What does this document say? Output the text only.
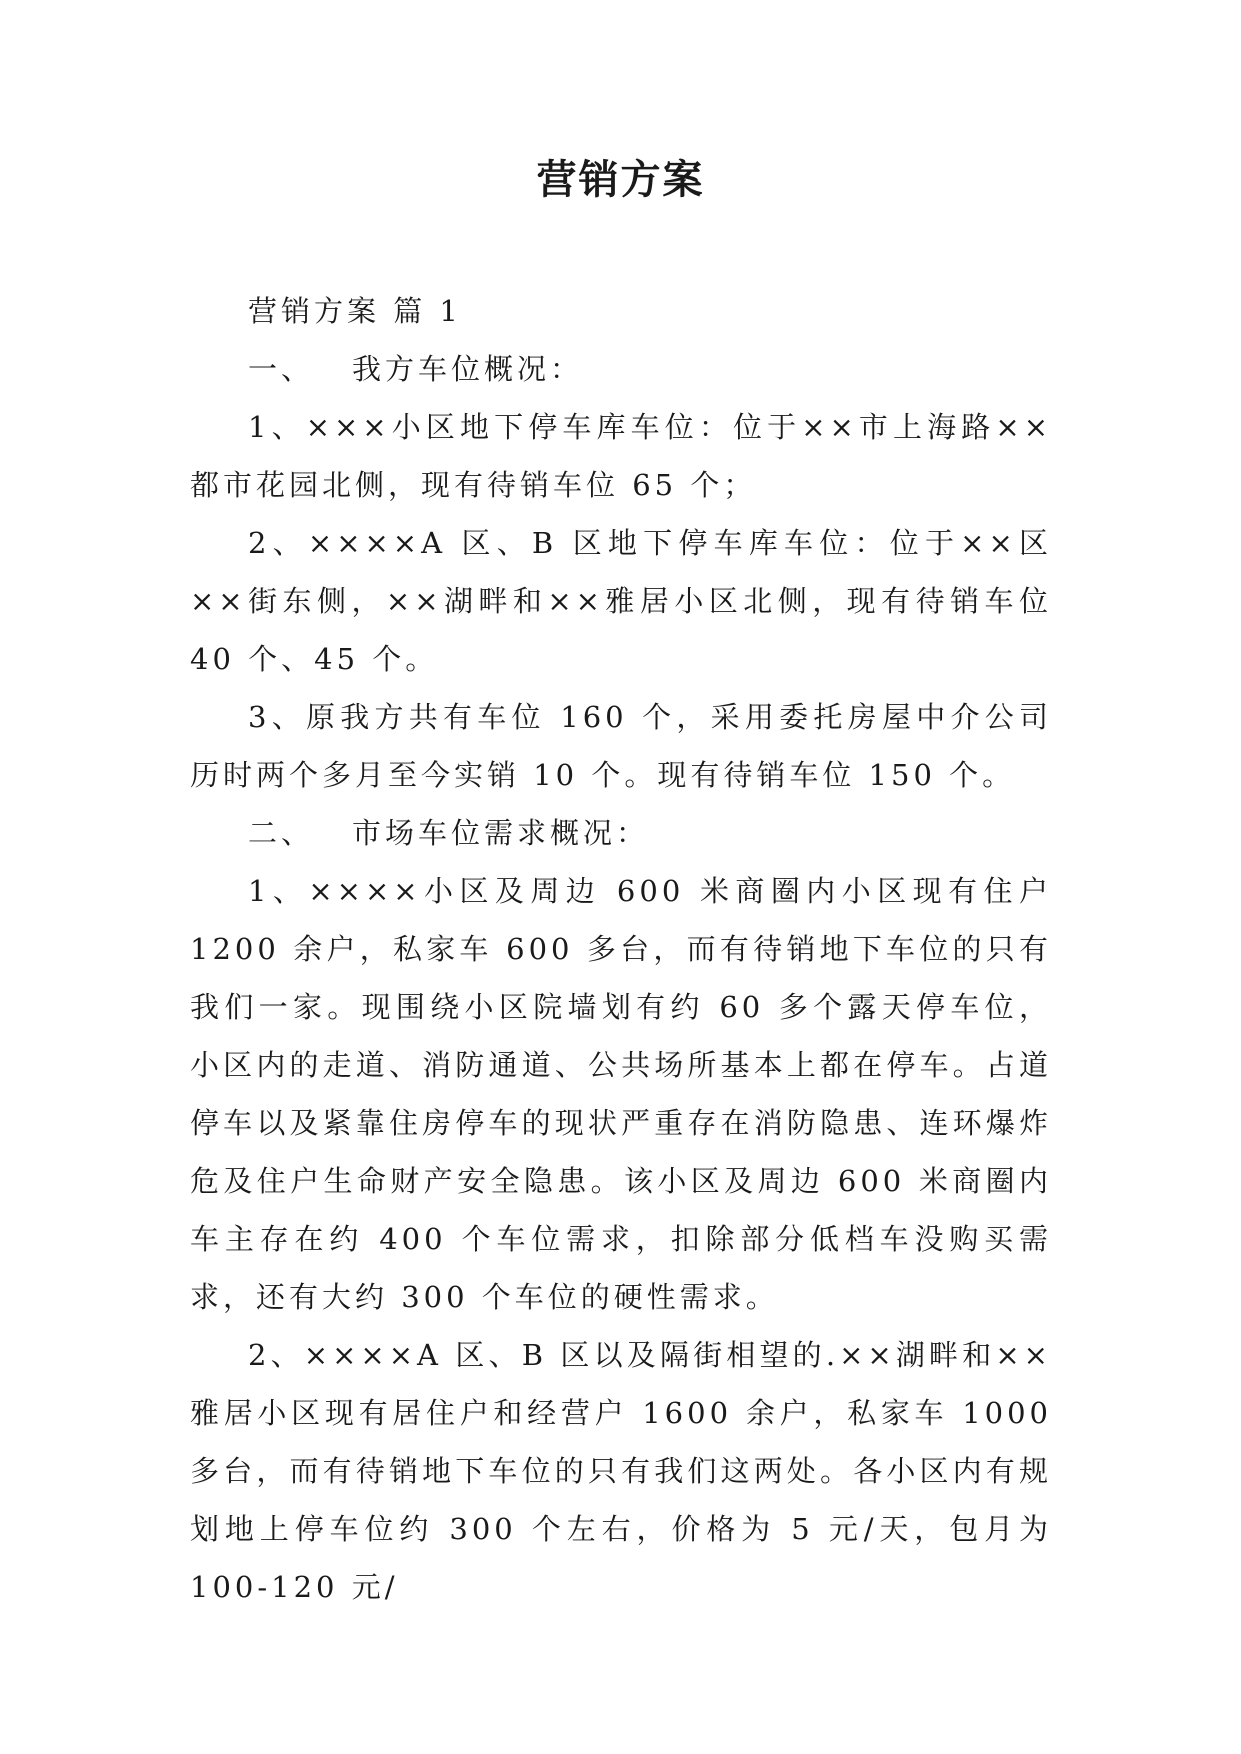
营销方案

营销方案 篇 1

一、 我方车位概况：

1、×××小区地下停车库车位：位于××市上海路××都市花园北侧，现有待销车位 65 个；

2、××××A 区、B 区地下停车库车位：位于××区××街东侧，××湖畔和××雅居小区北侧，现有待销车位 40 个、45 个。

3、原我方共有车位 160 个，采用委托房屋中介公司历时两个多月至今实销 10 个。现有待销车位 150 个。

二、 市场车位需求概况：

1、××××小区及周边 600 米商圈内小区现有住户 1200 余户，私家车 600 多台，而有待销地下车位的只有我们一家。现围绕小区院墙划有约 60 多个露天停车位，小区内的走道、消防通道、公共场所基本上都在停车。占道停车以及紧靠住房停车的现状严重存在消防隐患、连环爆炸危及住户生命财产安全隐患。该小区及周边 600 米商圈内车主存在约 400 个车位需求，扣除部分低档车没购买需求，还有大约 300 个车位的硬性需求。

2、××××A 区、B 区以及隔街相望的.××湖畔和××雅居小区现有居住户和经营户 1600 余户，私家车 1000 多台，而有待销地下车位的只有我们这两处。各小区内有规划地上停车位约 300 个左右，价格为 5 元/天，包月为 100-120 元/
